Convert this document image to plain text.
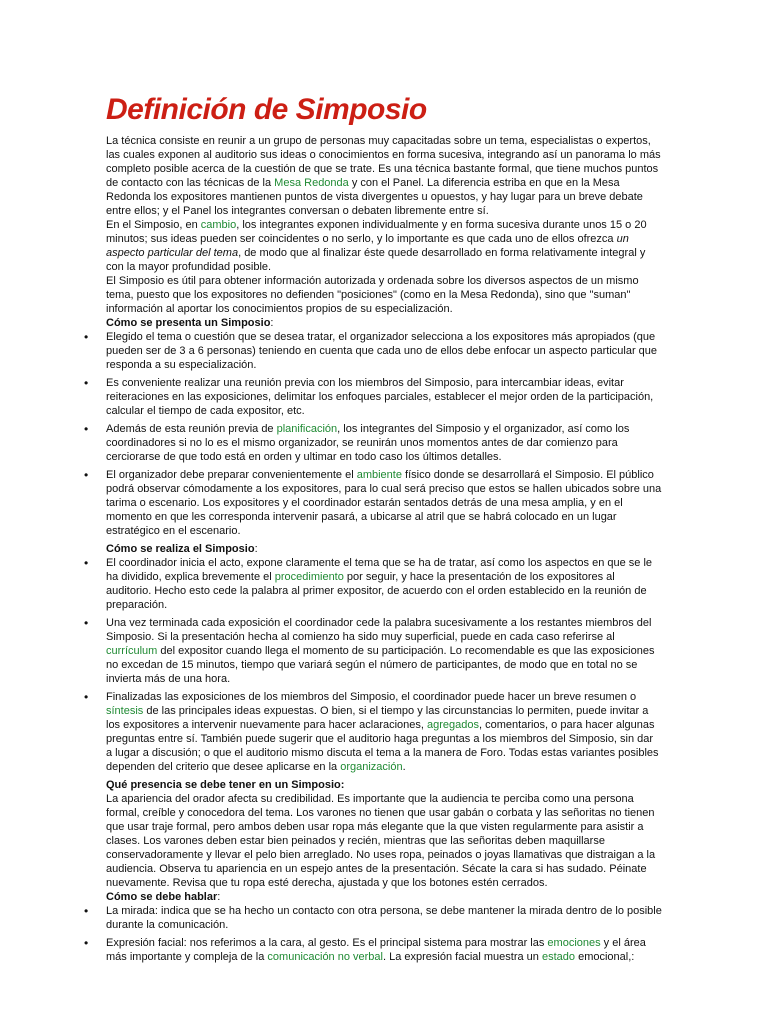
Definición de Simposio

La técnica consiste en reunir a un grupo de personas muy capacitadas sobre un tema, especialistas o expertos, las cuales exponen al auditorio sus ideas o conocimientos en forma sucesiva, integrando así un panorama lo más completo posible acerca de la cuestión de que se trate. Es una técnica bastante formal, que tiene muchos puntos de contacto con las técnicas de la Mesa Redonda y con el Panel. La diferencia estriba en que en la Mesa Redonda los expositores mantienen puntos de vista divergentes u opuestos, y hay lugar para un breve debate entre ellos; y el Panel los integrantes conversan o debaten libremente entre sí.

En el Simposio, en cambio, los integrantes exponen individualmente y en forma sucesiva durante unos 15 o 20 minutos; sus ideas pueden ser coincidentes o no serlo, y lo importante es que cada uno de ellos ofrezca un aspecto particular del tema, de modo que al finalizar éste quede desarrollado en forma relativamente integral y con la mayor profundidad posible.

El Simposio es útil para obtener información autorizada y ordenada sobre los diversos aspectos de un mismo tema, puesto que los expositores no defienden "posiciones" (como en la Mesa Redonda), sino que "suman" información al aportar los conocimientos propios de su especialización.

Cómo se presenta un Simposio:

• Elegido el tema o cuestión que se desea tratar, el organizador selecciona a los expositores más apropiados (que pueden ser de 3 a 6 personas) teniendo en cuenta que cada uno de ellos debe enfocar un aspecto particular que responda a su especialización.
• Es conveniente realizar una reunión previa con los miembros del Simposio, para intercambiar ideas, evitar reiteraciones en las exposiciones, delimitar los enfoques parciales, establecer el mejor orden de la participación, calcular el tiempo de cada expositor, etc.
• Además de esta reunión previa de planificación, los integrantes del Simposio y el organizador, así como los coordinadores si no lo es el mismo organizador, se reunirán unos momentos antes de dar comienzo para cerciorarse de que todo está en orden y ultimar en todo caso los últimos detalles.
• El organizador debe preparar convenientemente el ambiente físico donde se desarrollará el Simposio. El público podrá observar cómodamente a los expositores, para lo cual será preciso que estos se hallen ubicados sobre una tarima o escenario. Los expositores y el coordinador estarán sentados detrás de una mesa amplia, y en el momento en que les corresponda intervenir pasará, a ubicarse al atril que se habrá colocado en un lugar estratégico en el escenario.

Cómo se realiza el Simposio:

• El coordinador inicia el acto, expone claramente el tema que se ha de tratar, así como los aspectos en que se le ha dividido, explica brevemente el procedimiento por seguir, y hace la presentación de los expositores al auditorio. Hecho esto cede la palabra al primer expositor, de acuerdo con el orden establecido en la reunión de preparación.
• Una vez terminada cada exposición el coordinador cede la palabra sucesivamente a los restantes miembros del Simposio. Si la presentación hecha al comienzo ha sido muy superficial, puede en cada caso referirse al currículum del expositor cuando llega el momento de su participación. Lo recomendable es que las exposiciones no excedan de 15 minutos, tiempo que variará según el número de participantes, de modo que en total no se invierta más de una hora.
• Finalizadas las exposiciones de los miembros del Simposio, el coordinador puede hacer un breve resumen o síntesis de las principales ideas expuestas. O bien, si el tiempo y las circunstancias lo permiten, puede invitar a los expositores a intervenir nuevamente para hacer aclaraciones, agregados, comentarios, o para hacer algunas preguntas entre sí. También puede sugerir que el auditorio haga preguntas a los miembros del Simposio, sin dar a lugar a discusión; o que el auditorio mismo discuta el tema a la manera de Foro. Todas estas variantes posibles dependen del criterio que desee aplicarse en la organización.

Qué presencia se debe tener en un Simposio:

La apariencia del orador afecta su credibilidad. Es importante que la audiencia te perciba como una persona formal, creíble y conocedora del tema. Los varones no tienen que usar gabán o corbata y las señoritas no tienen que usar traje formal, pero ambos deben usar ropa más elegante que la que visten regularmente para asistir a clases. Los varones deben estar bien peinados y recién, mientras que las señoritas deben maquillarse conservadoramente y llevar el pelo bien arreglado. No uses ropa, peinados o joyas llamativas que distraigan a la audiencia. Observa tu apariencia en un espejo antes de la presentación. Sécate la cara si has sudado. Péinate nuevamente. Revisa que tu ropa esté derecha, ajustada y que los botones estén cerrados.

Cómo se debe hablar:

• La mirada: indica que se ha hecho un contacto con otra persona, se debe mantener la mirada dentro de lo posible durante la comunicación.
• Expresión facial: nos referimos a la cara, al gesto. Es el principal sistema para mostrar las emociones y el área más importante y compleja de la comunicación no verbal. La expresión facial muestra un estado emocional,:
